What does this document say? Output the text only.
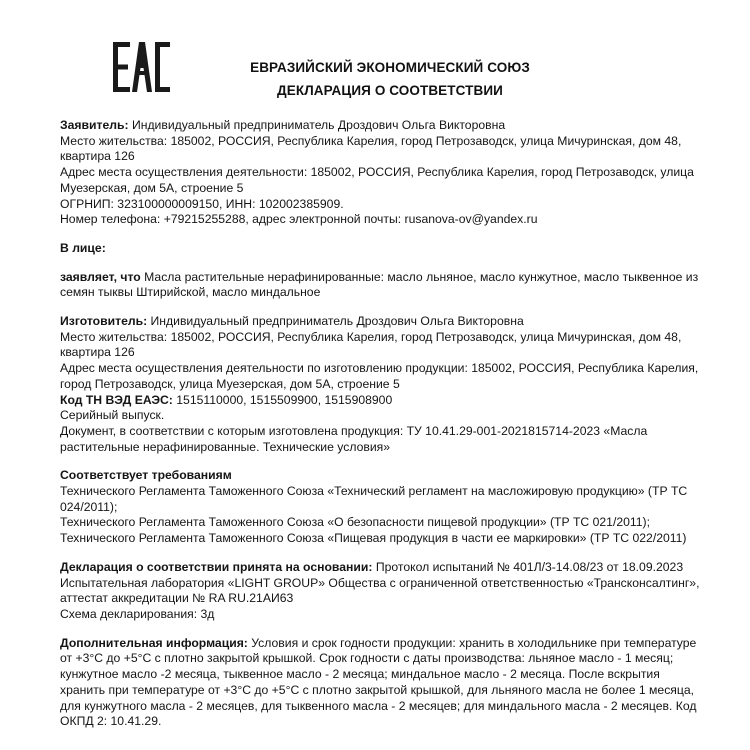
ЕВРАЗИЙСКИЙ ЭКОНОМИЧЕСКИЙ СОЮЗ
ДЕКЛАРАЦИЯ О СООТВЕТСТВИИ

Заявитель: Индивидуальный предприниматель Дроздович Ольга Викторовна

Место жительства: 185002, РОССИЯ, Республика Карелия, город Петрозаводск, улица Мичуринская, дом 48, квартира 126

Адрес места осуществления деятельности: 185002, РОССИЯ, Республика Карелия, город Петрозаводск, улица Муезерская, дом 5А, строение 5

ОГРНИП: 323100000009150, ИНН: 102002385909.

Номер телефона: +79215255288, адрес электронной почты: rusanova-ov@yandex.ru

В лице:

заявляет, что Масла растительные нерафинированные: масло льняное, масло кунжутное, масло тыквенное из семян тыквы Штирийской, масло миндальное

Изготовитель: Индивидуальный предприниматель Дроздович Ольга Викторовна

Место жительства: 185002, РОССИЯ, Республика Карелия, город Петрозаводск, улица Мичуринская, дом 48, квартира 126

Адрес места осуществления деятельности по изготовлению продукции: 185002, РОССИЯ, Республика Карелия, город Петрозаводск, улица Муезерская, дом 5А, строение 5

Код ТН ВЭД ЕАЭС: 1515110000, 1515509900, 1515908900

Серийный выпуск.

Документ, в соответствии с которым изготовлена продукция: ТУ 10.41.29-001-2021815714-2023 «Масла растительные нерафинированные. Технические условия»

Соответствует требованиям

Технического Регламента Таможенного Союза «Технический регламент на масложировую продукцию» (ТР ТС 024/2011);

Технического Регламента Таможенного Союза «О безопасности пищевой продукции» (ТР ТС 021/2011);

Технического Регламента Таможенного Союза «Пищевая продукция в части ее маркировки» (ТР ТС 022/2011)

Декларация о соответствии принята на основании: Протокол испытаний № 401Л/3-14.08/23 от 18.09.2023 Испытательная лаборатория «LIGHT GROUP» Общества с ограниченной ответственностью «Трансконсалтинг», аттестат аккредитации № RA RU.21АИ63

Схема декларирования: 3д

Дополнительная информация: Условия и срок годности продукции: хранить в холодильнике при температуре от +3°С до +5°С с плотно закрытой крышкой. Срок годности с даты производства: льняное масло - 1 месяц; кунжутное масло -2 месяца, тыквенное масло - 2 месяца; миндальное масло - 2 месяца. После вскрытия хранить при температуре от +3°С до +5°С с плотно закрытой крышкой, для льняного масла не более 1 месяца, для кунжутного масла - 2 месяцев, для тыквенного масла - 2 месяцев; для миндального масла - 2 месяцев. Код ОКПД 2: 10.41.29.
